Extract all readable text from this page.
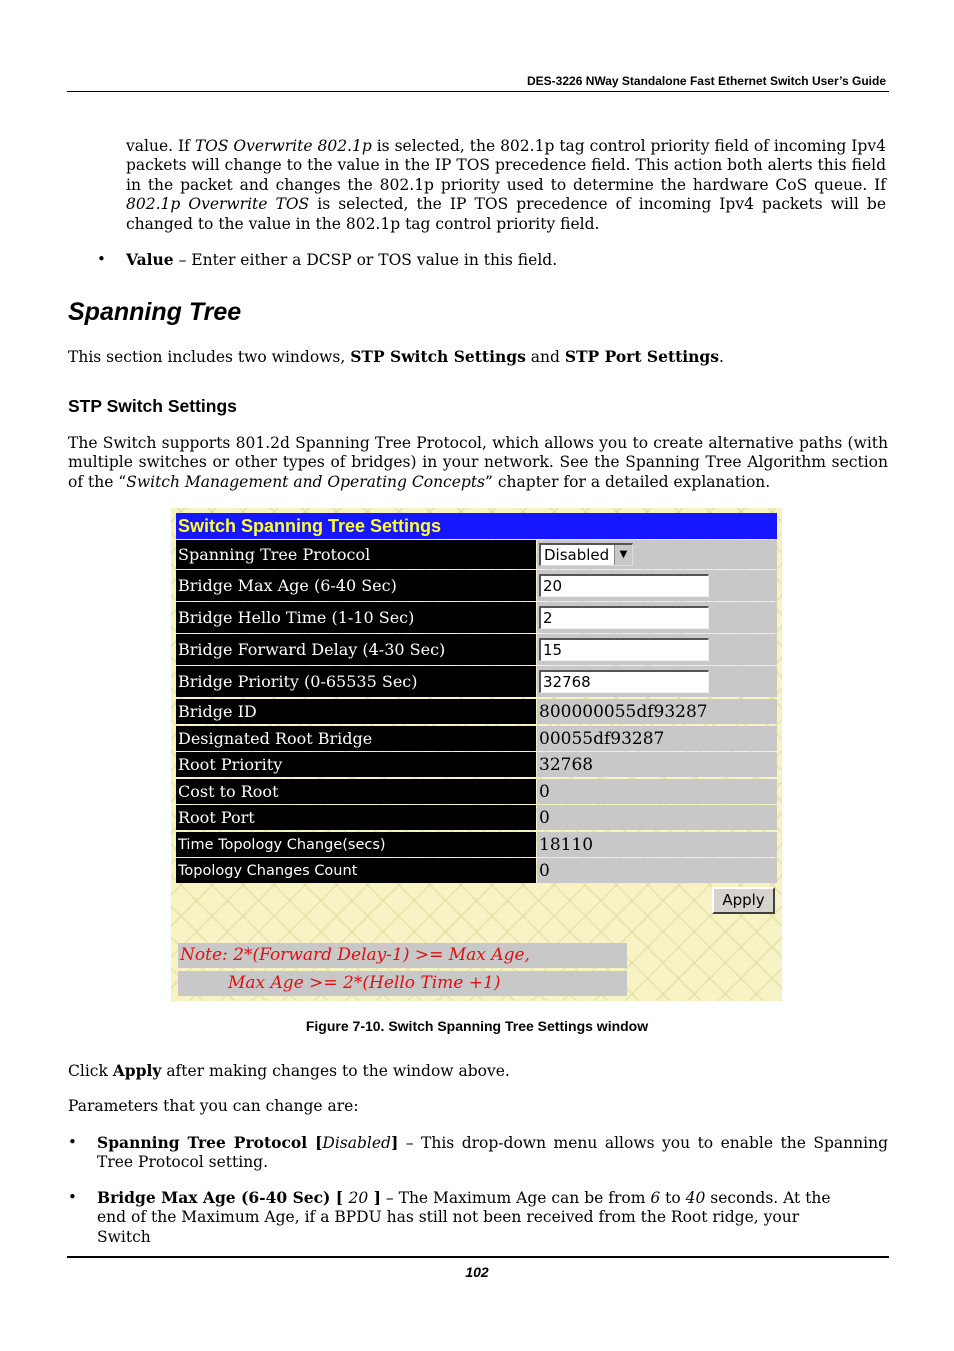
DES-3226 NWay Standalone Fast Ethernet Switch User’s Guide
value. If TOS Overwrite 802.1p is selected, the 802.1p tag control priority field of incoming Ipv4 packets will change to the value in the IP TOS precedence field. This action both alerts this field in the packet and changes the 802.1p priority used to determine the hardware CoS queue. If 802.1p Overwrite TOS is selected, the IP TOS precedence of incoming Ipv4 packets will be changed to the value in the 802.1p tag control priority field.
• Value – Enter either a DCSP or TOS value in this field.
Spanning Tree
This section includes two windows, STP Switch Settings and STP Port Settings.
STP Switch Settings
The Switch supports 801.2d Spanning Tree Protocol, which allows you to create alternative paths (with multiple switches or other types of bridges) in your network. See the Spanning Tree Algorithm section of the “Switch Management and Operating Concepts” chapter for a detailed explanation.
Switch Spanning Tree Settings
Spanning Tree Protocol	Disabled	▼
Bridge Max Age (6-40 Sec)	20
Bridge Hello Time (1-10 Sec)	2
Bridge Forward Delay (4-30 Sec)	15
Bridge Priority (0-65535 Sec)	32768
Bridge ID	800000055df93287
Designated Root Bridge	00055df93287
Root Priority	32768
Cost to Root	0
Root Port	0
Time Topology Change(secs)	18110
Topology Changes Count	0
Apply
Note: 2*(Forward Delay-1) >= Max Age,
Max Age >= 2*(Hello Time +1)
Figure 7-10. Switch Spanning Tree Settings window
Click Apply after making changes to the window above.
Parameters that you can change are:
• Spanning Tree Protocol [Disabled] – This drop-down menu allows you to enable the Spanning Tree Protocol setting.
• Bridge Max Age (6-40 Sec) [ 20 ] – The Maximum Age can be from 6 to 40 seconds. At the end of the Maximum Age, if a BPDU has still not been received from the Root ridge, your Switch
102
